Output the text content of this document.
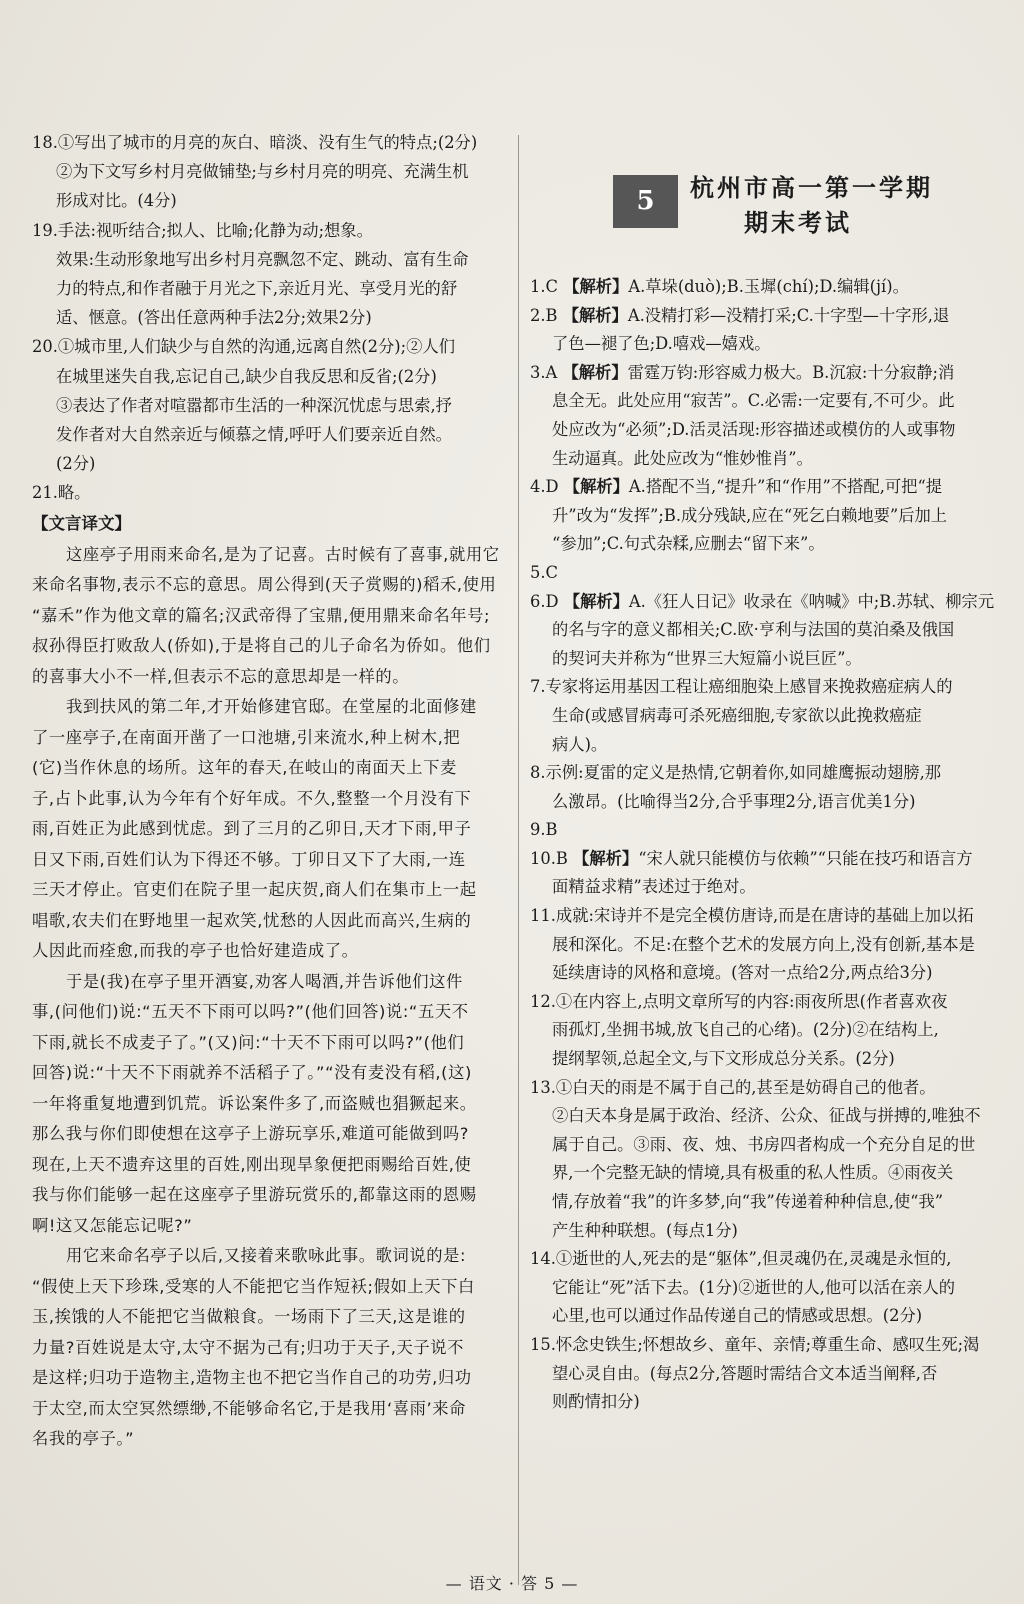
18.①写出了城市的月亮的灰白、暗淡、没有生气的特点;(2分)
②为下文写乡村月亮做铺垫;与乡村月亮的明亮、充满生机
形成对比。(4分)
19.手法:视听结合;拟人、比喻;化静为动;想象。
效果:生动形象地写出乡村月亮飘忽不定、跳动、富有生命
力的特点,和作者融于月光之下,亲近月光、享受月光的舒
适、惬意。(答出任意两种手法2分;效果2分)
20.①城市里,人们缺少与自然的沟通,远离自然(2分);②人们
在城里迷失自我,忘记自己,缺少自我反思和反省;(2分)
③表达了作者对喧嚣都市生活的一种深沉忧虑与思索,抒
发作者对大自然亲近与倾慕之情,呼吁人们要亲近自然。
(2分)
21.略。
【文言译文】
这座亭子用雨来命名,是为了记喜。古时候有了喜事,就用它
来命名事物,表示不忘的意思。周公得到(天子赏赐的)稻禾,使用
“嘉禾”作为他文章的篇名;汉武帝得了宝鼎,便用鼎来命名年号;
叔孙得臣打败敌人(侨如),于是将自己的儿子命名为侨如。他们
的喜事大小不一样,但表示不忘的意思却是一样的。
我到扶风的第二年,才开始修建官邸。在堂屋的北面修建
了一座亭子,在南面开凿了一口池塘,引来流水,种上树木,把
(它)当作休息的场所。这年的春天,在岐山的南面天上下麦
子,占卜此事,认为今年有个好年成。不久,整整一个月没有下
雨,百姓正为此感到忧虑。到了三月的乙卯日,天才下雨,甲子
日又下雨,百姓们认为下得还不够。丁卯日又下了大雨,一连
三天才停止。官吏们在院子里一起庆贺,商人们在集市上一起
唱歌,农夫们在野地里一起欢笑,忧愁的人因此而高兴,生病的
人因此而痊愈,而我的亭子也恰好建造成了。
于是(我)在亭子里开酒宴,劝客人喝酒,并告诉他们这件
事,(问他们)说:“五天不下雨可以吗?”(他们回答)说:“五天不
下雨,就长不成麦子了。”(又)问:“十天不下雨可以吗?”(他们
回答)说:“十天不下雨就养不活稻子了。”“没有麦没有稻,(这)
一年将重复地遭到饥荒。诉讼案件多了,而盗贼也猖獗起来。
那么我与你们即使想在这亭子上游玩享乐,难道可能做到吗?
现在,上天不遗弃这里的百姓,刚出现旱象便把雨赐给百姓,使
我与你们能够一起在这座亭子里游玩赏乐的,都靠这雨的恩赐
啊!这又怎能忘记呢?”
用它来命名亭子以后,又接着来歌咏此事。歌词说的是:
“假使上天下珍珠,受寒的人不能把它当作短袄;假如上天下白
玉,挨饿的人不能把它当做粮食。一场雨下了三天,这是谁的
力量?百姓说是太守,太守不据为己有;归功于天子,天子说不
是这样;归功于造物主,造物主也不把它当作自己的功劳,归功
于太空,而太空冥然缥缈,不能够命名它,于是我用‘喜雨’来命
名我的亭子。”
5	杭州市高一第一学期
期末考试
1.C 【解析】A.草垛(duò);B.玉墀(chí);D.编辑(jí)。
2.B 【解析】A.没精打彩—没精打采;C.十字型—十字形,退
了色—褪了色;D.嘻戏—嬉戏。
3.A 【解析】雷霆万钧:形容威力极大。B.沉寂:十分寂静;消
息全无。此处应用“寂苦”。C.必需:一定要有,不可少。此
处应改为“必须”;D.活灵活现:形容描述或模仿的人或事物
生动逼真。此处应改为“惟妙惟肖”。
4.D 【解析】A.搭配不当,“提升”和“作用”不搭配,可把“提
升”改为“发挥”;B.成分残缺,应在“死乞白赖地要”后加上
“参加”;C.句式杂糅,应删去“留下来”。
5.C
6.D 【解析】A.《狂人日记》收录在《呐喊》中;B.苏轼、柳宗元
的名与字的意义都相关;C.欧·亨利与法国的莫泊桑及俄国
的契诃夫并称为“世界三大短篇小说巨匠”。
7.专家将运用基因工程让癌细胞染上感冒来挽救癌症病人的
生命(或感冒病毒可杀死癌细胞,专家欲以此挽救癌症
病人)。
8.示例:夏雷的定义是热情,它朝着你,如同雄鹰振动翅膀,那
么激昂。(比喻得当2分,合乎事理2分,语言优美1分)
9.B
10.B 【解析】“宋人就只能模仿与依赖”“只能在技巧和语言方
面精益求精”表述过于绝对。
11.成就:宋诗并不是完全模仿唐诗,而是在唐诗的基础上加以拓
展和深化。不足:在整个艺术的发展方向上,没有创新,基本是
延续唐诗的风格和意境。(答对一点给2分,两点给3分)
12.①在内容上,点明文章所写的内容:雨夜所思(作者喜欢夜
雨孤灯,坐拥书城,放飞自己的心绪)。(2分)②在结构上,
提纲挈领,总起全文,与下文形成总分关系。(2分)
13.①白天的雨是不属于自己的,甚至是妨碍自己的他者。
②白天本身是属于政治、经济、公众、征战与拼搏的,唯独不
属于自己。③雨、夜、烛、书房四者构成一个充分自足的世
界,一个完整无缺的情境,具有极重的私人性质。④雨夜关
情,存放着“我”的许多梦,向“我”传递着种种信息,使“我”
产生种种联想。(每点1分)
14.①逝世的人,死去的是“躯体”,但灵魂仍在,灵魂是永恒的,
它能让“死”活下去。(1分)②逝世的人,他可以活在亲人的
心里,也可以通过作品传递自己的情感或思想。(2分)
15.怀念史铁生;怀想故乡、童年、亲情;尊重生命、感叹生死;渴
望心灵自由。(每点2分,答题时需结合文本适当阐释,否
则酌情扣分)
— 语文 · 答 5 —
